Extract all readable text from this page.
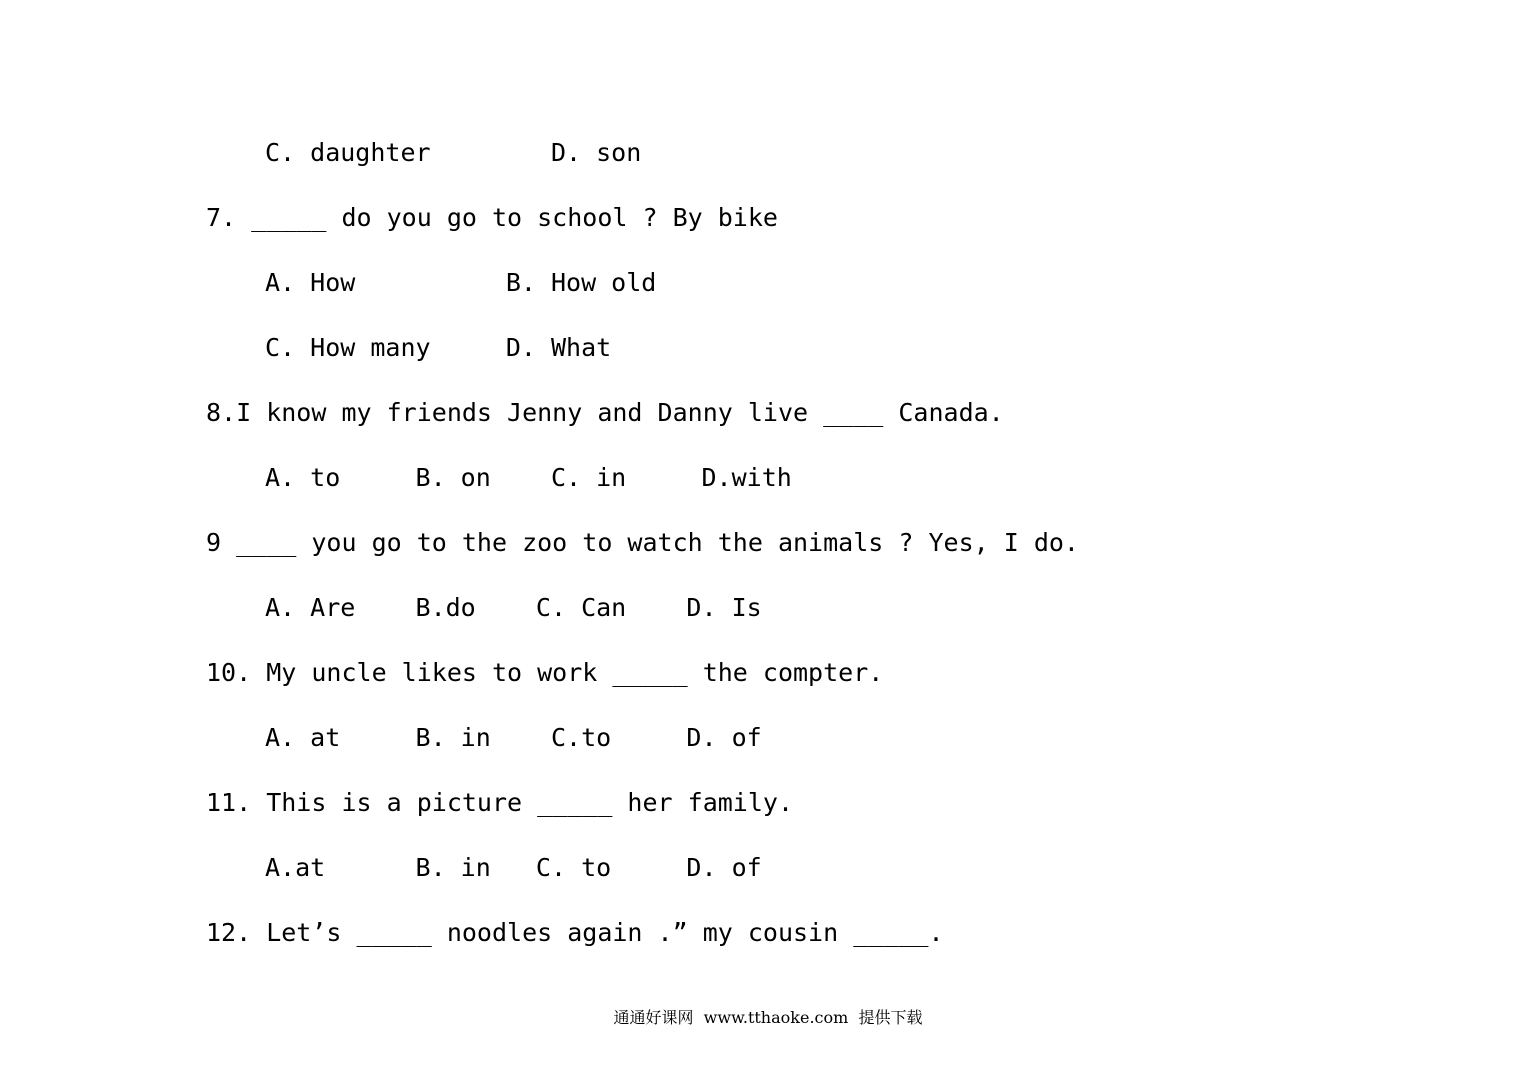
C. daughter        D. son
7. _____ do you go to school ? By bike
A. How          B. How old
C. How many     D. What
8.I know my friends Jenny and Danny live ____ Canada.
A. to     B. on    C. in     D.with
9 ____ you go to the zoo to watch the animals ? Yes, I do.
A. Are    B.do    C. Can    D. Is
10. My uncle likes to work _____ the compter.
A. at     B. in    C.to     D. of
11. This is a picture _____ her family.
A.at      B. in   C. to     D. of
12. Let’s _____ noodles again .” my cousin _____.
通通好课网  www.tthaoke.com  提供下载
